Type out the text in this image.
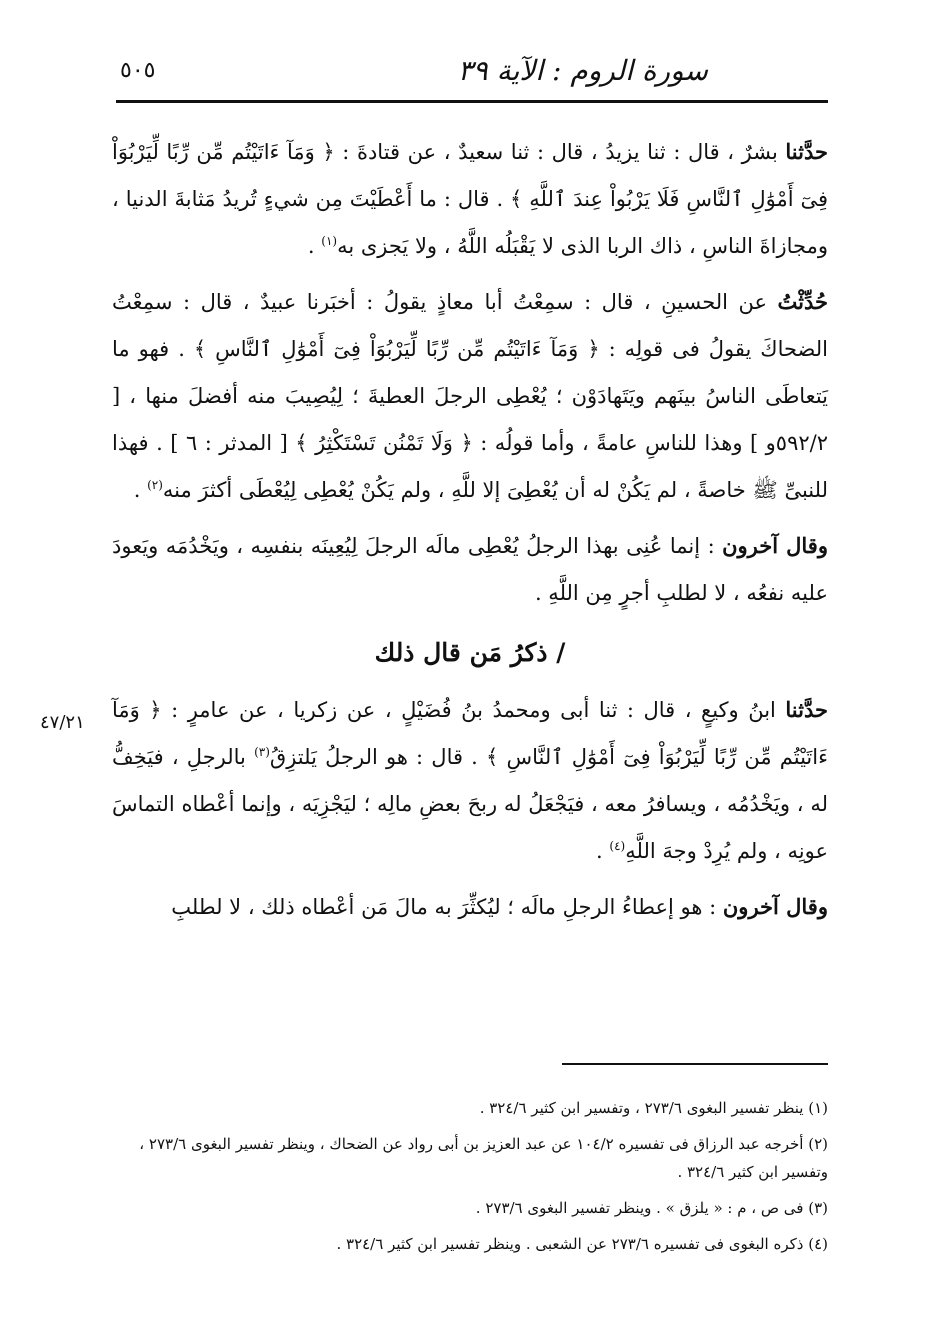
سورة الروم : الآية ٣٩
٥٠٥
٤٧/٢١

حدَّثنا بشرٌ ، قال : ثنا يزيدُ ، قال : ثنا سعيدٌ ، عن قتادةَ : ﴿ وَمَآ ءَاتَيْتُم مِّن رِّبًا لِّيَرْبُوَاْ فِىٓ أَمْوَٰلِ ٱلنَّاسِ فَلَا يَرْبُواْ عِندَ ٱللَّهِ ﴾ . قال : ما أَعْطَيْتَ مِن شيءٍ تُريدُ مَثابةَ الدنيا ، ومجازاةَ الناسِ ، ذاك الربا الذى لا يَقْبَلُه اللَّهُ ، ولا يَجزى به$^{(١)}$ .

حُدِّثْتُ عن الحسينِ ، قال : سمِعْتُ أبا معاذٍ يقولُ : أخبَرنا عبيدٌ ، قال : سمِعْتُ الضحاكَ يقولُ فى قولِه : ﴿ وَمَآ ءَاتَيْتُم مِّن رِّبًا لِّيَرْبُوَاْ فِىٓ أَمْوَٰلِ ٱلنَّاسِ ﴾ . فهو ما يَتعاطَى الناسُ بينَهم ويَتَهادَوْن ؛ يُعْطِى الرجلَ العطيةَ ؛ لِيُصِيبَ منه أفضلَ منها ، [ ٥٩٢/٢و ] وهذا للناسِ عامةً ، وأما قولُه : ﴿ وَلَا تَمْنُن تَسْتَكْثِرُ ﴾ [ المدثر : ٦ ] . فهذا للنبىِّ ﷺ خاصةً ، لم يَكُنْ له أن يُعْطِىَ إلا للَّهِ ، ولم يَكُنْ يُعْطِى لِيُعْطَى أكثرَ منه$^{(٢)}$ .

وقال آخرون : إنما عُنِى بهذا الرجلُ يُعْطِى مالَه الرجلَ لِيُعِينَه بنفسِه ، ويَخْدُمَه ويَعودَ عليه نفعُه ، لا لطلبِ أجرٍ مِن اللَّهِ .

/ ذكرُ مَن قال ذلك

حدَّثنا ابنُ وكيعٍ ، قال : ثنا أبى ومحمدُ بنُ فُضَيْلٍ ، عن زكريا ، عن عامرٍ : ﴿ وَمَآ ءَاتَيْتُم مِّن رِّبًا لِّيَرْبُوَاْ فِىٓ أَمْوَٰلِ ٱلنَّاسِ ﴾ . قال : هو الرجلُ يَلتزِقُ$^{(٣)}$ بالرجلِ ، فيَخِفُّ له ، ويَخْدُمُه ، ويسافرُ معه ، فيَجْعَلُ له ربحَ بعضِ مالِه ؛ ليَجْزِيَه ، وإنما أعْطاه التماسَ عونِه ، ولم يُرِدْ وجهَ اللَّهِ$^{(٤)}$ .

وقال آخرون : هو إعطاءُ الرجلِ مالَه ؛ ليُكثِّرَ به مالَ مَن أعْطاه ذلك ، لا لطلبِ

(١) ينظر تفسير البغوى ٢٧٣/٦ ، وتفسير ابن كثير ٣٢٤/٦ .

(٢) أخرجه عبد الرزاق فى تفسيره ١٠٤/٢ عن عبد العزيز بن أبى رواد عن الضحاك ، وينظر تفسير البغوى ٢٧٣/٦ ، وتفسير ابن كثير ٣٢٤/٦ .

(٣) فى ص ، م : « يلزق » . وينظر تفسير البغوى ٢٧٣/٦ .

(٤) ذكره البغوى فى تفسيره ٢٧٣/٦ عن الشعبى . وينظر تفسير ابن كثير ٣٢٤/٦ .
